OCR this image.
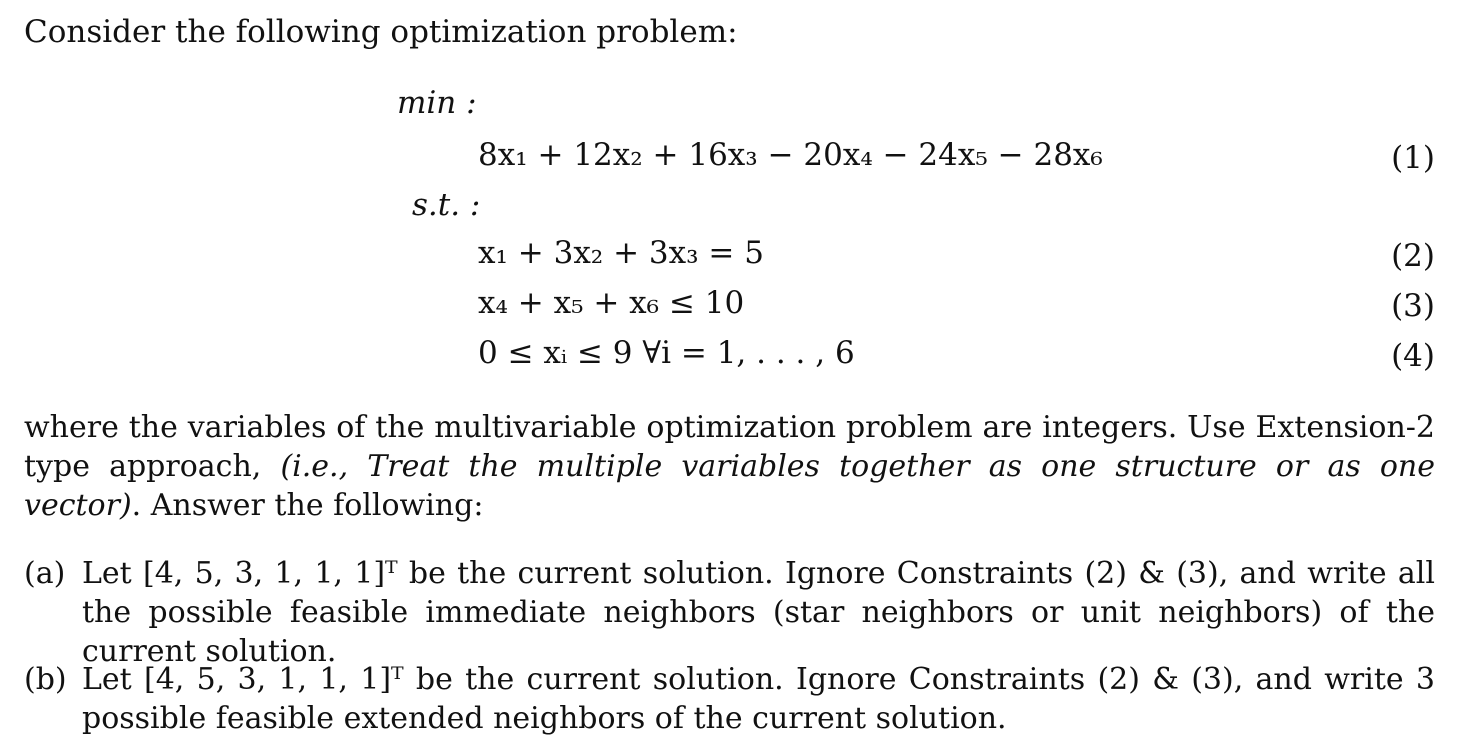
Consider the following optimization problem:
min :
8x₁ + 12x₂ + 16x₃ − 20x₄ − 24x₅ − 28x₆	(1)
s.t. :
x₁ + 3x₂ + 3x₃ = 5	(2)
x₄ + x₅ + x₆ ≤ 10	(3)
0 ≤ xᵢ ≤ 9 ∀i = 1, . . . , 6	(4)
where the variables of the multivariable optimization problem are integers. Use Extension-2 type approach, (i.e., Treat the multiple variables together as one structure or as one vector). Answer the following:
(a) Let [4, 5, 3, 1, 1, 1]ᵀ be the current solution. Ignore Constraints (2) & (3), and write all the possible feasible immediate neighbors (star neighbors or unit neighbors) of the current solution.
(b) Let [4, 5, 3, 1, 1, 1]ᵀ be the current solution. Ignore Constraints (2) & (3), and write 3 possible feasible extended neighbors of the current solution.
